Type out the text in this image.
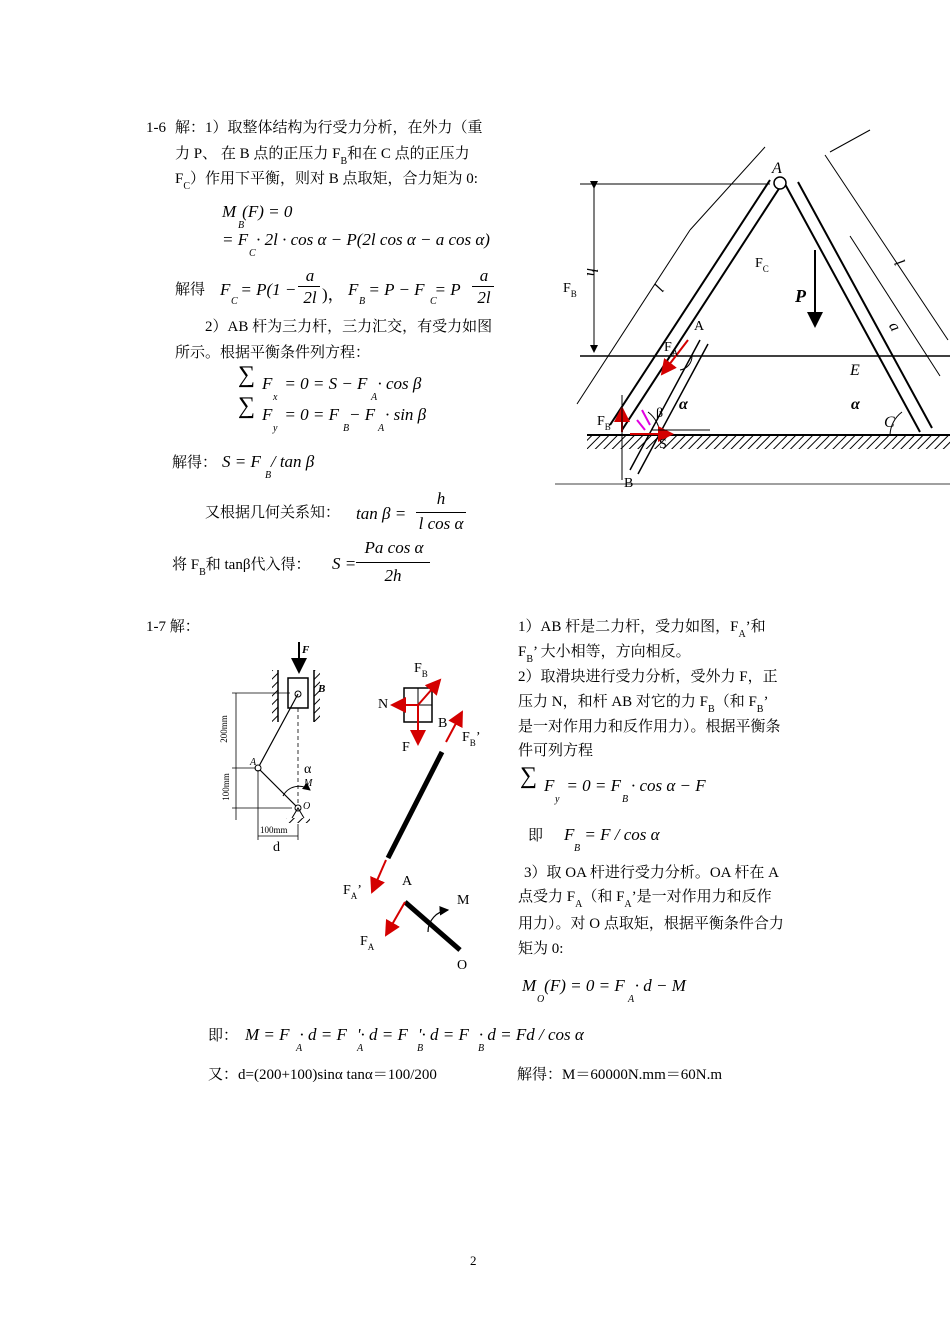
1-6 解：1）取整体结构为行受力分析，在外力（重
力 P、 在 B 点的正压力 $F_B$和在 C 点的正压力
$F_C$）作用下平衡，则对 B 点取矩，合力矩为 0:
M (F) = 0
B
= F · 2l · cos α − P(2l cos α − a cos α)
C
解得 F = P(1 −
C
a
2l )， F = P − F = P
B	C
a
2l
2）AB 杆为三力杆，三力汇交，有受力如图
所示。根据平衡条件列方程：
∑ F = 0 = S − F · cos β
x	A
∑ F = 0 = F − F · sin β
y	B	A
解得： S = F / tan β
B
又根据几何关系知： tan β =
h
l cos α
将 $F_B$和 tanβ代入得： S =
Pa cos α
2h
A
E
C
P
l
l
h
a
α	α
$F_C$
$F_B$
$F_A$
A
$F_B$
S
β
B
1-7 解：	1）AB 杆是二力杆，受力如图，$F_A$’和
$F_B$’ 大小相等，方向相反。
2）取滑块进行受力分析，受外力 F，正
压力 N，和杆 AB 对它的力 $F_B$（和 $F_B$’
是一对作用力和反作用力）。根据平衡条
件可列方程
∑ F = 0 = F · cos α − F
y	B
即 F = F / cos α
B
3）取 OA 杆进行受力分析。OA 杆在 A
点受力 $F_A$（和 $F_A$’是一对作用力和反作
用力）。对 O 点取矩，根据平衡条件合力
矩为 0:
M (F) = 0 = F · d − M
O	A
即： M = F · d = F '· d = F '· d = F · d = Fd / cos α
A	A	B	B
又：d=(200+100)sinα tanα＝100/200	解得：M＝60000N.mm＝60N.m
F
B
A
M
O
200mm
100mm
100mm
d
α
$F_B$
N
B
F
$F_B$’
$F_A$’
A
M
$F_A$
O
2
